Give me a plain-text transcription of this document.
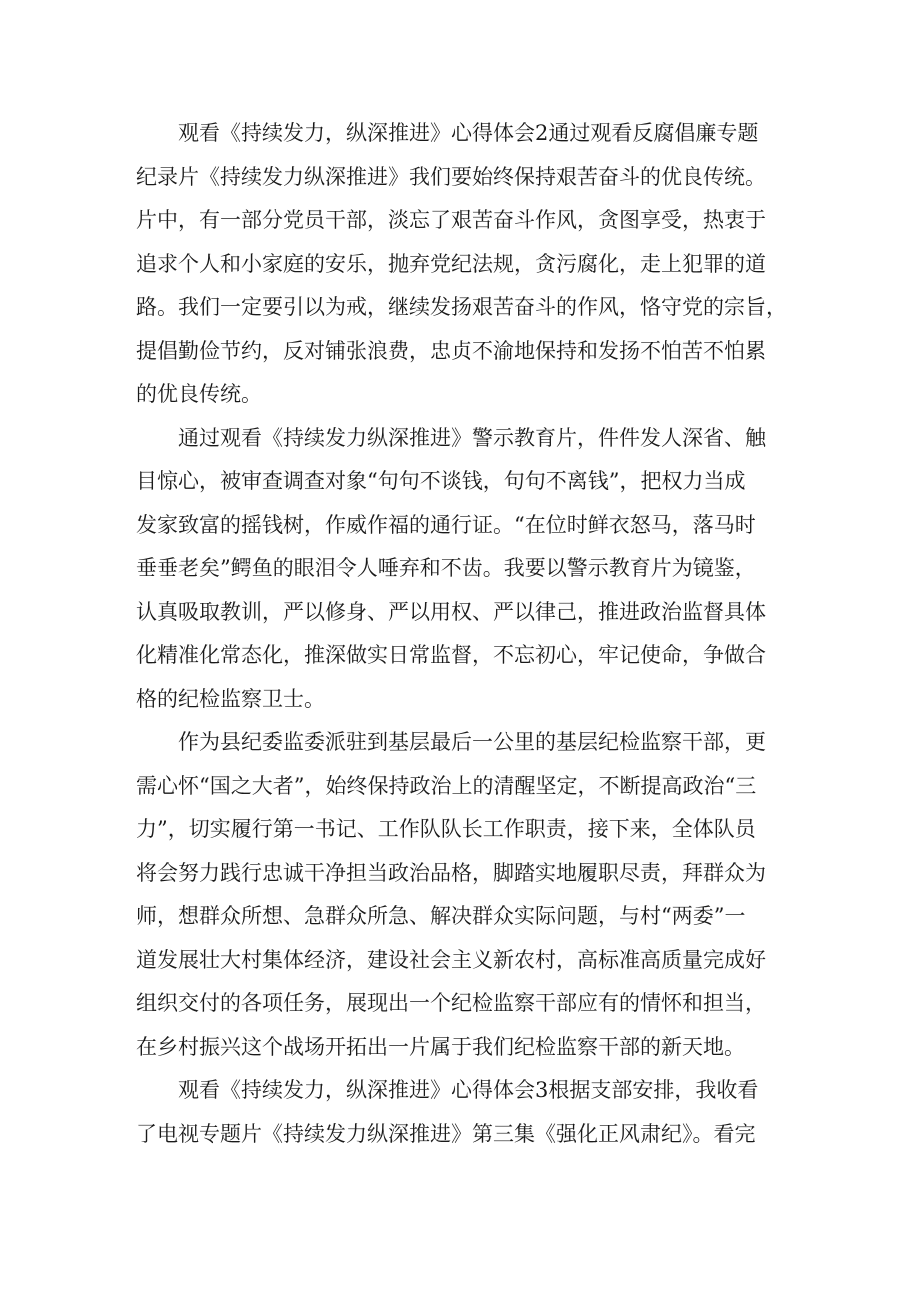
观看《持续发力，纵深推进》心得体会2通过观看反腐倡廉专题
纪录片《持续发力纵深推进》我们要始终保持艰苦奋斗的优良传统。
片中，有一部分党员干部，淡忘了艰苦奋斗作风，贪图享受，热衷于
追求个人和小家庭的安乐，抛弃党纪法规，贪污腐化，走上犯罪的道
路。我们一定要引以为戒，继续发扬艰苦奋斗的作风，恪守党的宗旨，
提倡勤俭节约，反对铺张浪费，忠贞不渝地保持和发扬不怕苦不怕累
的优良传统。

通过观看《持续发力纵深推进》警示教育片，件件发人深省、触
目惊心，被审查调查对象“句句不谈钱，句句不离钱”，把权力当成
发家致富的摇钱树，作威作福的通行证。“在位时鲜衣怒马，落马时
垂垂老矣”鳄鱼的眼泪令人唾弃和不齿。我要以警示教育片为镜鉴，
认真吸取教训，严以修身、严以用权、严以律己，推进政治监督具体
化精准化常态化，推深做实日常监督，不忘初心，牢记使命，争做合
格的纪检监察卫士。

作为县纪委监委派驻到基层最后一公里的基层纪检监察干部，更
需心怀“国之大者”，始终保持政治上的清醒坚定，不断提高政治“三
力”，切实履行第一书记、工作队队长工作职责，接下来，全体队员
将会努力践行忠诚干净担当政治品格，脚踏实地履职尽责，拜群众为
师，想群众所想、急群众所急、解决群众实际问题，与村“两委”一
道发展壮大村集体经济，建设社会主义新农村，高标准高质量完成好
组织交付的各项任务，展现出一个纪检监察干部应有的情怀和担当，
在乡村振兴这个战场开拓出一片属于我们纪检监察干部的新天地。

观看《持续发力，纵深推进》心得体会3根据支部安排，我收看
了电视专题片《持续发力纵深推进》第三集《强化正风肃纪》。看完
